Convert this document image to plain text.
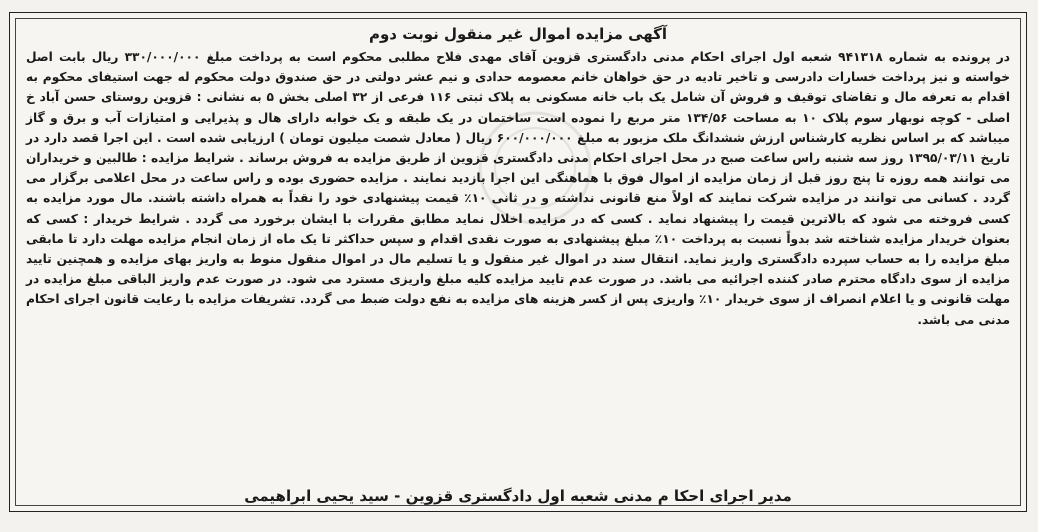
آگهی مزایده اموال غیر منقول نوبت دوم

در پرونده به شماره ۹۴۱۳۱۸ شعبه اول اجرای احکام مدنی دادگستری قزوین آقای مهدی فلاح مطلبی محکوم است به پرداخت مبلغ ۳۳۰/۰۰۰/۰۰۰ ریال بابت اصل خواسته و نیز پرداخت خسارات دادرسی و تاخیر تادیه در حق خواهان خانم معصومه حدادی و نیم عشر دولتی در حق صندوق دولت محکوم له جهت استیفای محکوم به اقدام به تعرفه مال و تقاضای توقیف و فروش آن شامل یک باب خانه مسکونی به پلاک ثبتی ۱۱۶ فرعی از ۳۲ اصلی بخش ۵ به نشانی : قزوین روستای حسن آباد خ اصلی - کوچه نوبهار سوم پلاک ۱۰ به مساحت ۱۳۴/۵۶ متر مربع را نموده است ساختمان در یک طبقه و یک خوابه دارای هال و پذیرایی و امتیازات آب و برق و گاز میباشد که بر اساس نظریه کارشناس ارزش ششدانگ ملک مزبور به مبلغ ۶۰۰/۰۰۰/۰۰۰ ریال ( معادل شصت میلیون تومان ) ارزیابی شده است . این اجرا قصد دارد در تاریخ ۱۳۹۵/۰۳/۱۱ روز سه شنبه راس ساعت صبح در محل اجرای احکام مدنی دادگستری قزوین از طریق مزایده به فروش برساند . شرایط مزایده : طالبین و خریداران می توانند همه روزه تا پنج روز قبل از زمان مزایده از اموال فوق با هماهنگی این اجرا بازدید نمایند . مزایده حضوری بوده و راس ساعت در محل اعلامی برگزار می گردد . کسانی می توانند در مزایده شرکت نمایند که اولاً منع قانونی نداشته و در ثانی ۱۰٪ قیمت پیشنهادی خود را نقداً به همراه داشته باشند. مال مورد مزایده به کسی فروخته می شود که بالاترین قیمت را پیشنهاد نماید . کسی که در مزایده اخلال نماید مطابق مقررات با ایشان برخورد می گردد . شرایط خریدار : کسی که بعنوان خریدار مزایده شناخته شد بدواً نسبت به پرداخت ۱۰٪ مبلغ پیشنهادی به صورت نقدی اقدام و سپس حداکثر تا یک ماه از زمان انجام مزایده مهلت دارد تا مابقی مبلغ مزایده را به حساب سپرده دادگستری واریز نماید. انتقال سند در اموال غیر منقول و یا تسلیم مال در اموال منقول منوط به واریز بهای مزایده و همچنین تایید مزایده از سوی دادگاه محترم صادر کننده اجرائیه می باشد. در صورت عدم تایید مزایده کلیه مبلغ واریزی مسترد می شود. در صورت عدم واریز الباقی مبلغ مزایده در مهلت قانونی و یا اعلام انصراف از سوی خریدار ۱۰٪ واریزی پس از کسر هزینه های مزایده به نفع دولت ضبط می گردد. تشریفات مزایده با رعایت قانون اجرای احکام مدنی می باشد.

مدیر اجرای احکا م مدنی شعبه اول دادگستری قزوین - سید یحیی ابراهیمی
